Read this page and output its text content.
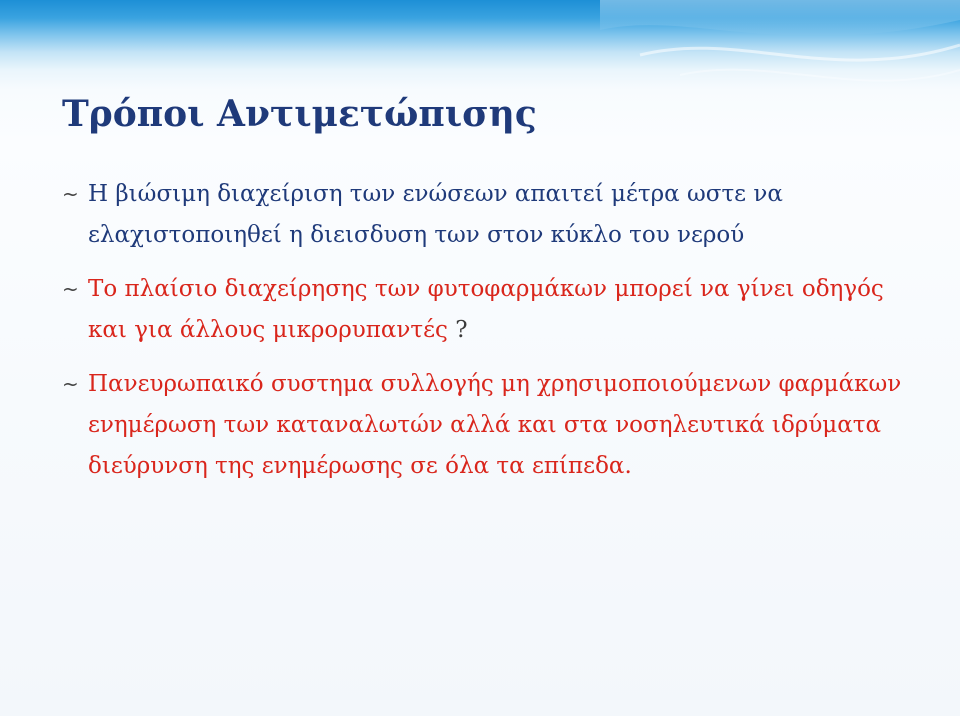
Τρόποι Αντιμετώπισης
~ Η βιώσιμη διαχείριση των ενώσεων απαιτεί μέτρα ωστε να ελαχιστοποιηθεί η διεισδυση των στον κύκλο του νερού
~ Το πλαίσιο διαχείρησης των φυτοφαρμάκων μπορεί να γίνει οδηγός και για άλλους μικρορυπαντές ?
~ Πανευρωπαικό συστημα συλλογής μη χρησιμοποιούμενων φαρμάκων ενημέρωση των καταναλωτών αλλά και στα νοσηλευτικά ιδρύματα διεύρυνση της ενημέρωσης σε όλα τα επίπεδα.
